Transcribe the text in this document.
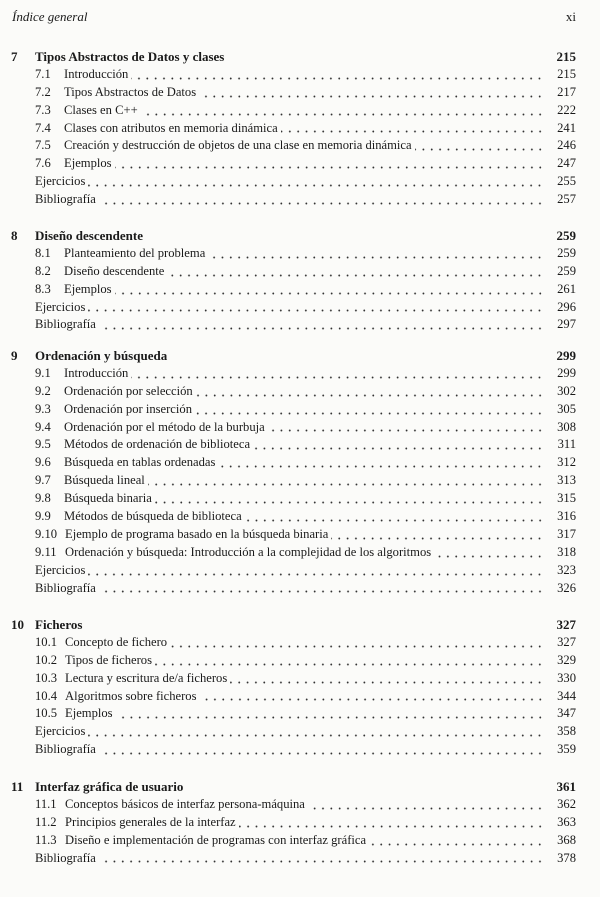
Índice general	xi
7 Tipos Abstractos de Datos y clases	215
7.1 Introducción	215
7.2 Tipos Abstractos de Datos	217
7.3 Clases en C++	222
7.4 Clases con atributos en memoria dinámica	241
7.5 Creación y destrucción de objetos de una clase en memoria dinámica	246
7.6 Ejemplos	247
Ejercicios	255
Bibliografía	257
8 Diseño descendente	259
8.1 Planteamiento del problema	259
8.2 Diseño descendente	259
8.3 Ejemplos	261
Ejercicios	296
Bibliografía	297
9 Ordenación y búsqueda	299
9.1 Introducción	299
9.2 Ordenación por selección	302
9.3 Ordenación por inserción	305
9.4 Ordenación por el método de la burbuja	308
9.5 Métodos de ordenación de biblioteca	311
9.6 Búsqueda en tablas ordenadas	312
9.7 Búsqueda lineal	313
9.8 Búsqueda binaria	315
9.9 Métodos de búsqueda de biblioteca	316
9.10 Ejemplo de programa basado en la búsqueda binaria	317
9.11 Ordenación y búsqueda: Introducción a la complejidad de los algoritmos	318
Ejercicios	323
Bibliografía	326
10 Ficheros	327
10.1 Concepto de fichero	327
10.2 Tipos de ficheros	329
10.3 Lectura y escritura de/a ficheros	330
10.4 Algoritmos sobre ficheros	344
10.5 Ejemplos	347
Ejercicios	358
Bibliografía	359
11 Interfaz gráfica de usuario	361
11.1 Conceptos básicos de interfaz persona-máquina	362
11.2 Principios generales de la interfaz	363
11.3 Diseño e implementación de programas con interfaz gráfica	368
Bibliografía	378
